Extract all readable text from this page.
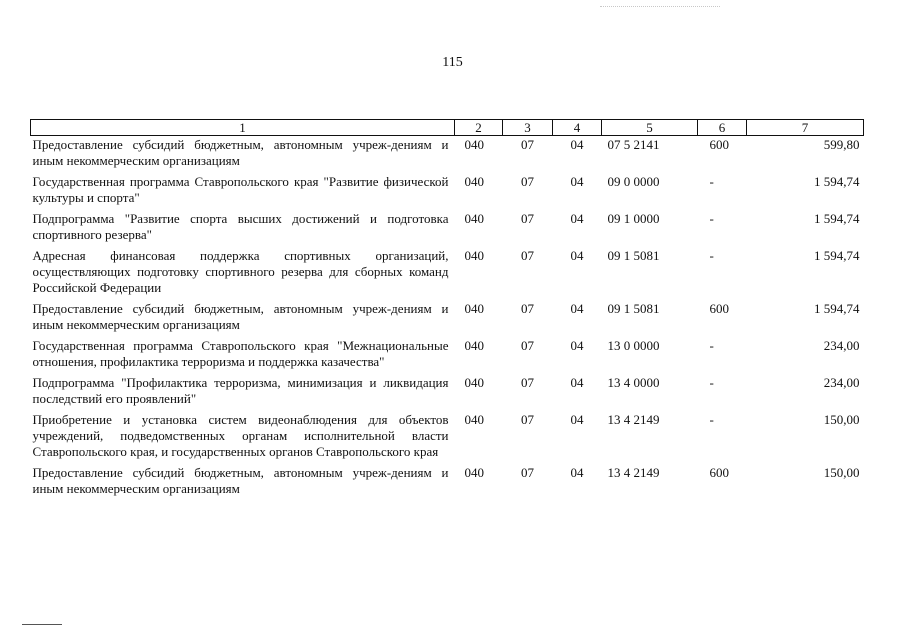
115
1	2	3	4	5	6	7
Предоставление субсидий бюджетным, автономным учреж-дениям и иным некоммерческим организациям	040	07	04	07 5 2141	600	599,80
Государственная программа Ставропольского края "Развитие физической культуры и спорта"	040	07	04	09 0 0000	-	1 594,74
Подпрограмма "Развитие спорта высших достижений и подготовка спортивного резерва"	040	07	04	09 1 0000	-	1 594,74
Адресная финансовая поддержка спортивных организаций, осуществляющих подготовку спортивного резерва для сборных команд Российской Федерации	040	07	04	09 1 5081	-	1 594,74
Предоставление субсидий бюджетным, автономным учреж-дениям и иным некоммерческим организациям	040	07	04	09 1 5081	600	1 594,74
Государственная программа Ставропольского края "Межнациональные отношения, профилактика терроризма и поддержка казачества"	040	07	04	13 0 0000	-	234,00
Подпрограмма "Профилактика терроризма, минимизация и ликвидация последствий его проявлений"	040	07	04	13 4 0000	-	234,00
Приобретение и установка систем видеонаблюдения для объектов учреждений, подведомственных органам исполнительной власти Ставропольского края, и государственных органов Ставропольского края	040	07	04	13 4 2149	-	150,00
Предоставление субсидий бюджетным, автономным учреж-дениям и иным некоммерческим организациям	040	07	04	13 4 2149	600	150,00
